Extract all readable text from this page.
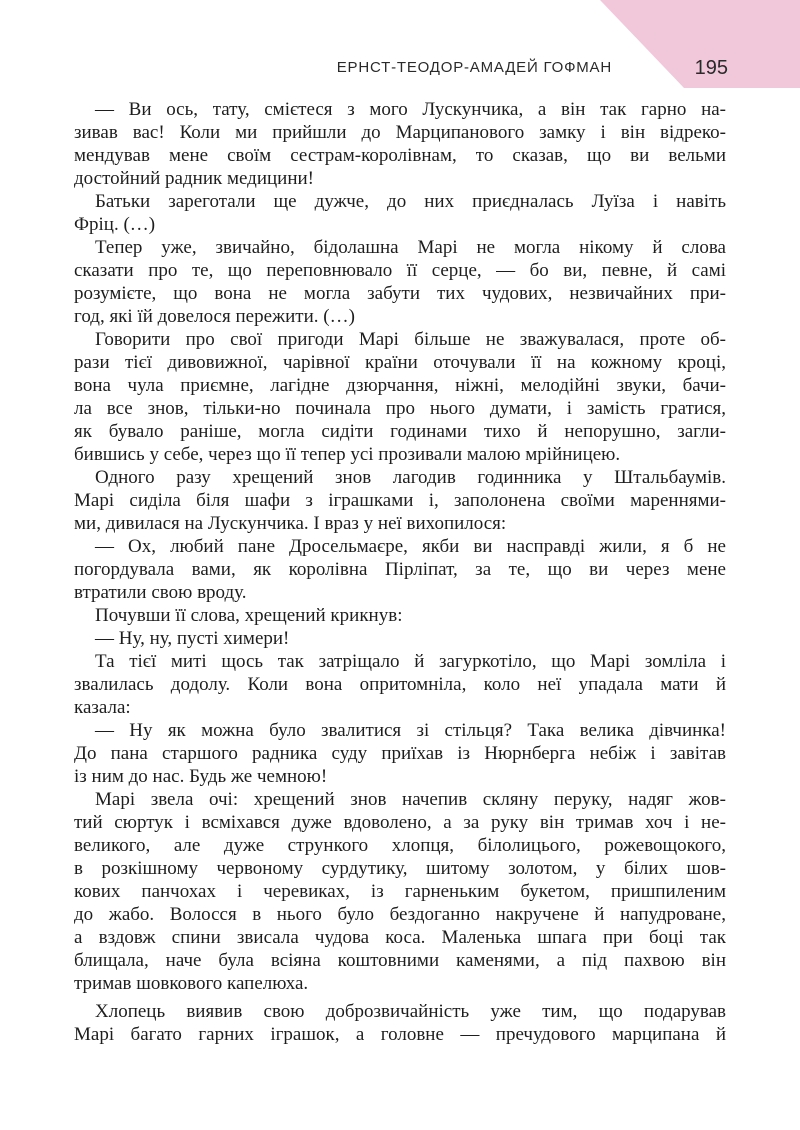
ЕРНСТ-ТЕОДОР-АМАДЕЙ ГОФМАН	195
— Ви ось, тату, смієтеся з мого Лускунчика, а він так гарно на-
зивав вас! Коли ми прийшли до Марципанового замку і він відреко-
мендував мене своїм сестрам-королівнам, то сказав, що ви вельми
достойний радник медицини!
Батьки зареготали ще дужче, до них приєдналась Луїза і навіть
Фріц. (…)
Тепер уже, звичайно, бідолашна Марі не могла нікому й слова
сказати про те, що переповнювало її серце, — бо ви, певне, й самі
розумієте, що вона не могла забути тих чудових, незвичайних при-
год, які їй довелося пережити. (…)
Говорити про свої пригоди Марі більше не зважувалася, проте об-
рази тієї дивовижної, чарівної країни оточували її на кожному кроці,
вона чула приємне, лагідне дзюрчання, ніжні, мелодійні звуки, бачи-
ла все знов, тільки-но починала про нього думати, і замість гратися,
як бувало раніше, могла сидіти годинами тихо й непорушно, загли-
бившись у себе, через що її тепер усі прозивали малою мрійницею.
Одного разу хрещений знов лагодив годинника у Штальбаумів.
Марі сиділа біля шафи з іграшками і, заполонена своїми мареннями-
ми, дивилася на Лускунчика. І враз у неї вихопилося:
— Ох, любий пане Дросельмаєре, якби ви насправді жили, я б не
погордувала вами, як королівна Пірліпат, за те, що ви через мене
втратили свою вроду.
Почувши її слова, хрещений крикнув:
— Ну, ну, пусті химери!
Та тієї миті щось так затріщало й загуркотіло, що Марі зомліла і
звалилась додолу. Коли вона опритомніла, коло неї упадала мати й
казала:
— Ну як можна було звалитися зі стільця? Така велика дівчинка!
До пана старшого радника суду приїхав із Нюрнберга небіж і завітав
із ним до нас. Будь же чемною!
Марі звела очі: хрещений знов начепив скляну перуку, надяг жов-
тий сюртук і всміхався дуже вдоволено, а за руку він тримав хоч і не-
великого, але дуже стрункого хлопця, білолицього, рожевощокого,
в розкішному червоному сурдутику, шитому золотом, у білих шов-
кових панчохах і черевиках, із гарненьким букетом, пришпиленим
до жабо. Волосся в нього було бездоганно накручене й напудроване,
а вздовж спини звисала чудова коса. Маленька шпага при боці так
блищала, наче була всіяна коштовними каменями, а під пахвою він
тримав шовкового капелюха.
Хлопець виявив свою доброзвичайність уже тим, що подарував
Марі багато гарних іграшок, а головне — пречудового марципана й
